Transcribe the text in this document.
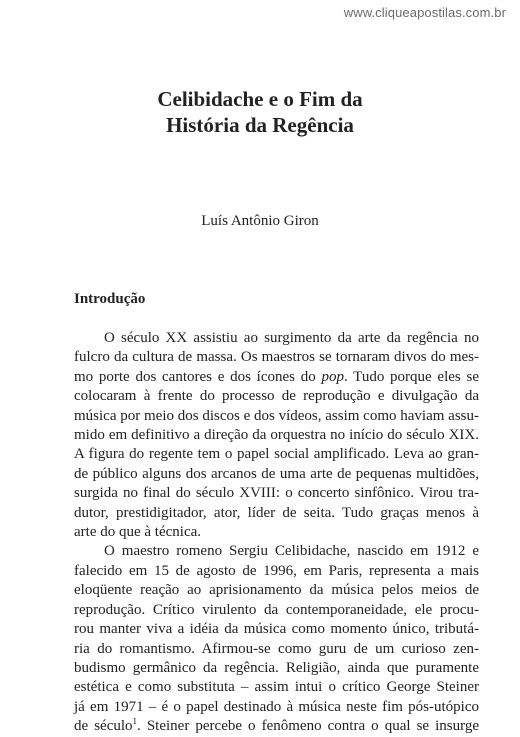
www.cliqueapostilas.com.br
Celibidache e o Fim da
História da Regência
Luís Antônio Giron
Introdução
O século XX assistiu ao surgimento da arte da regência no
fulcro da cultura de massa. Os maestros se tornaram divos do mes-
mo porte dos cantores e dos ícones do pop. Tudo porque eles se
colocaram à frente do processo de reprodução e divulgação da
música por meio dos discos e dos vídeos, assim como haviam assu-
mido em definitivo a direção da orquestra no início do século XIX.
A figura do regente tem o papel social amplificado. Leva ao gran-
de público alguns dos arcanos de uma arte de pequenas multidões,
surgida no final do século XVIII: o concerto sinfônico. Virou tra-
dutor, prestidigitador, ator, líder de seita. Tudo graças menos à
arte do que à técnica.
O maestro romeno Sergiu Celibidache, nascido em 1912 e
falecido em 15 de agosto de 1996, em Paris, representa a mais
eloqüente reação ao aprisionamento da música pelos meios de
reprodução. Crítico virulento da contemporaneidade, ele procu-
rou manter viva a idéia da música como momento único, tributá-
ria do romantismo. Afirmou-se como guru de um curioso zen-
budismo germânico da regência. Religião, ainda que puramente
estética e como substituta – assim intui o crítico George Steiner
já em 1971 – é o papel destinado à música neste fim pós-utópico
de século$^1$. Steiner percebe o fenômeno contra o qual se insurge
